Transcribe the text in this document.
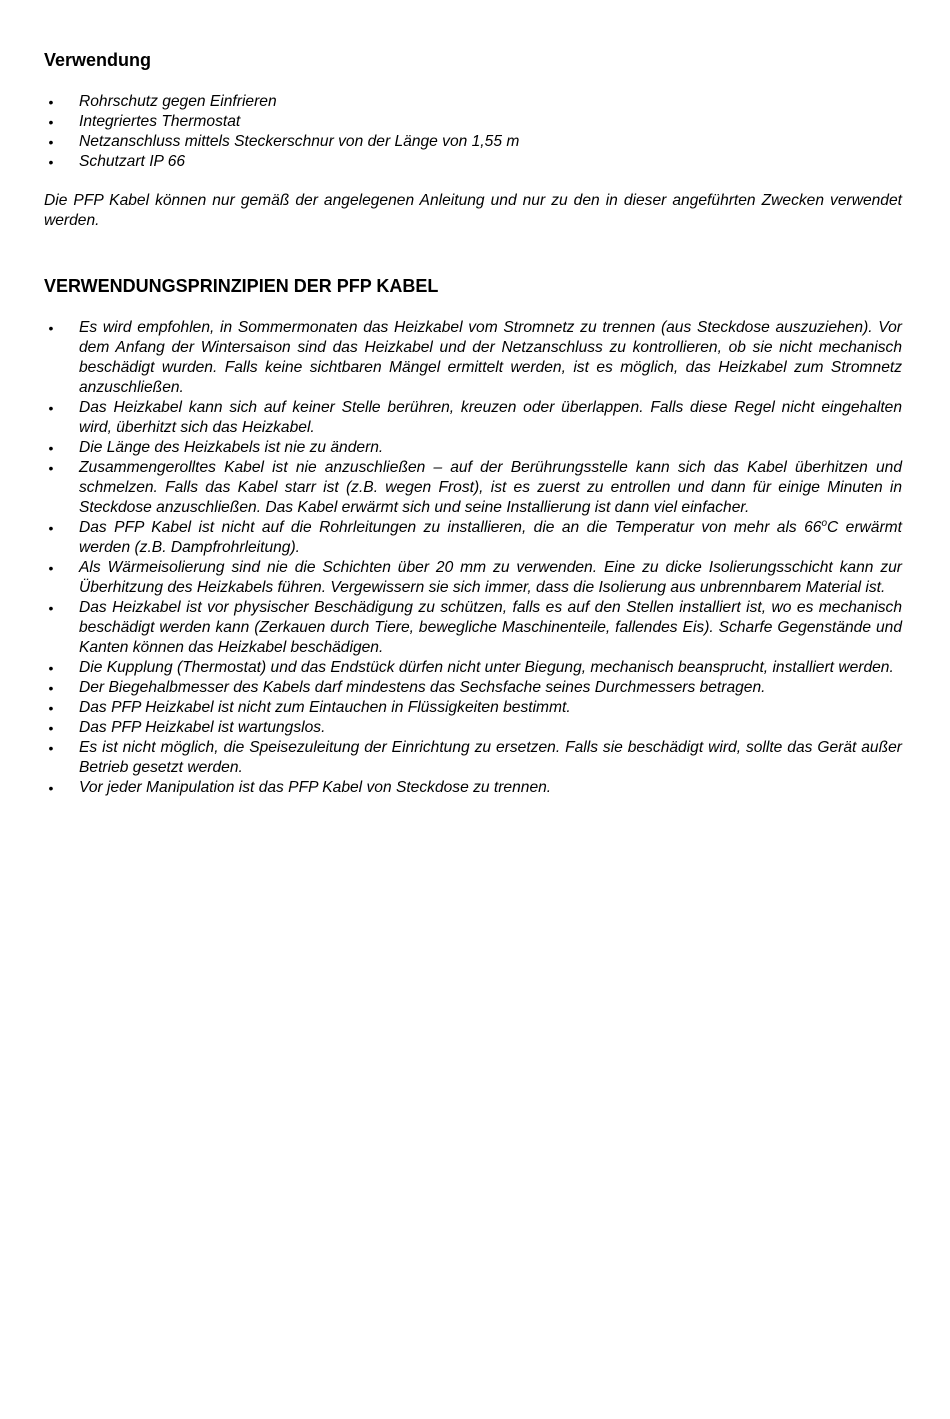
Verwendung
• Rohrschutz gegen Einfrieren
• Integriertes Thermostat
• Netzanschluss mittels Steckerschnur von der Länge von 1,55 m
• Schutzart IP 66

Die PFP Kabel können nur gemäß der angelegenen Anleitung und nur zu den in dieser angeführten Zwecken verwendet werden.

VERWENDUNGSPRINZIPIEN DER PFP KABEL
• Es wird empfohlen, in Sommermonaten das Heizkabel vom Stromnetz zu trennen (aus Steckdose auszuziehen). Vor dem Anfang der Wintersaison sind das Heizkabel und der Netzanschluss zu kontrollieren, ob sie nicht mechanisch beschädigt wurden. Falls keine sichtbaren Mängel ermittelt werden, ist es möglich, das Heizkabel zum Stromnetz anzuschließen.
• Das Heizkabel kann sich auf keiner Stelle berühren, kreuzen oder überlappen. Falls diese Regel nicht eingehalten wird, überhitzt sich das Heizkabel.
• Die Länge des Heizkabels ist nie zu ändern.
• Zusammengerolltes Kabel ist nie anzuschließen – auf der Berührungsstelle kann sich das Kabel überhitzen und schmelzen. Falls das Kabel starr ist (z.B. wegen Frost), ist es zuerst zu entrollen und dann für einige Minuten in Steckdose anzuschließen. Das Kabel erwärmt sich und seine Installierung ist dann viel einfacher.
• Das PFP Kabel ist nicht auf die Rohrleitungen zu installieren, die an die Temperatur von mehr als 66$^o$C erwärmt werden (z.B. Dampfrohrleitung).
• Als Wärmeisolierung sind nie die Schichten über 20 mm zu verwenden. Eine zu dicke Isolierungsschicht kann zur Überhitzung des Heizkabels führen. Vergewissern sie sich immer, dass die Isolierung aus unbrennbarem Material ist.
• Das Heizkabel ist vor physischer Beschädigung zu schützen, falls es auf den Stellen installiert ist, wo es mechanisch beschädigt werden kann (Zerkauen durch Tiere, bewegliche Maschinenteile, fallendes Eis). Scharfe Gegenstände und Kanten können das Heizkabel beschädigen.
• Die Kupplung (Thermostat) und das Endstück dürfen nicht unter Biegung, mechanisch beansprucht, installiert werden.
• Der Biegehalbmesser des Kabels darf mindestens das Sechsfache seines Durchmessers betragen.
• Das PFP Heizkabel ist nicht zum Eintauchen in Flüssigkeiten bestimmt.
• Das PFP Heizkabel ist wartungslos.
• Es ist nicht möglich, die Speisezuleitung der Einrichtung zu ersetzen. Falls sie beschädigt wird, sollte das Gerät außer Betrieb gesetzt werden.
• Vor jeder Manipulation ist das PFP Kabel von Steckdose zu trennen.
